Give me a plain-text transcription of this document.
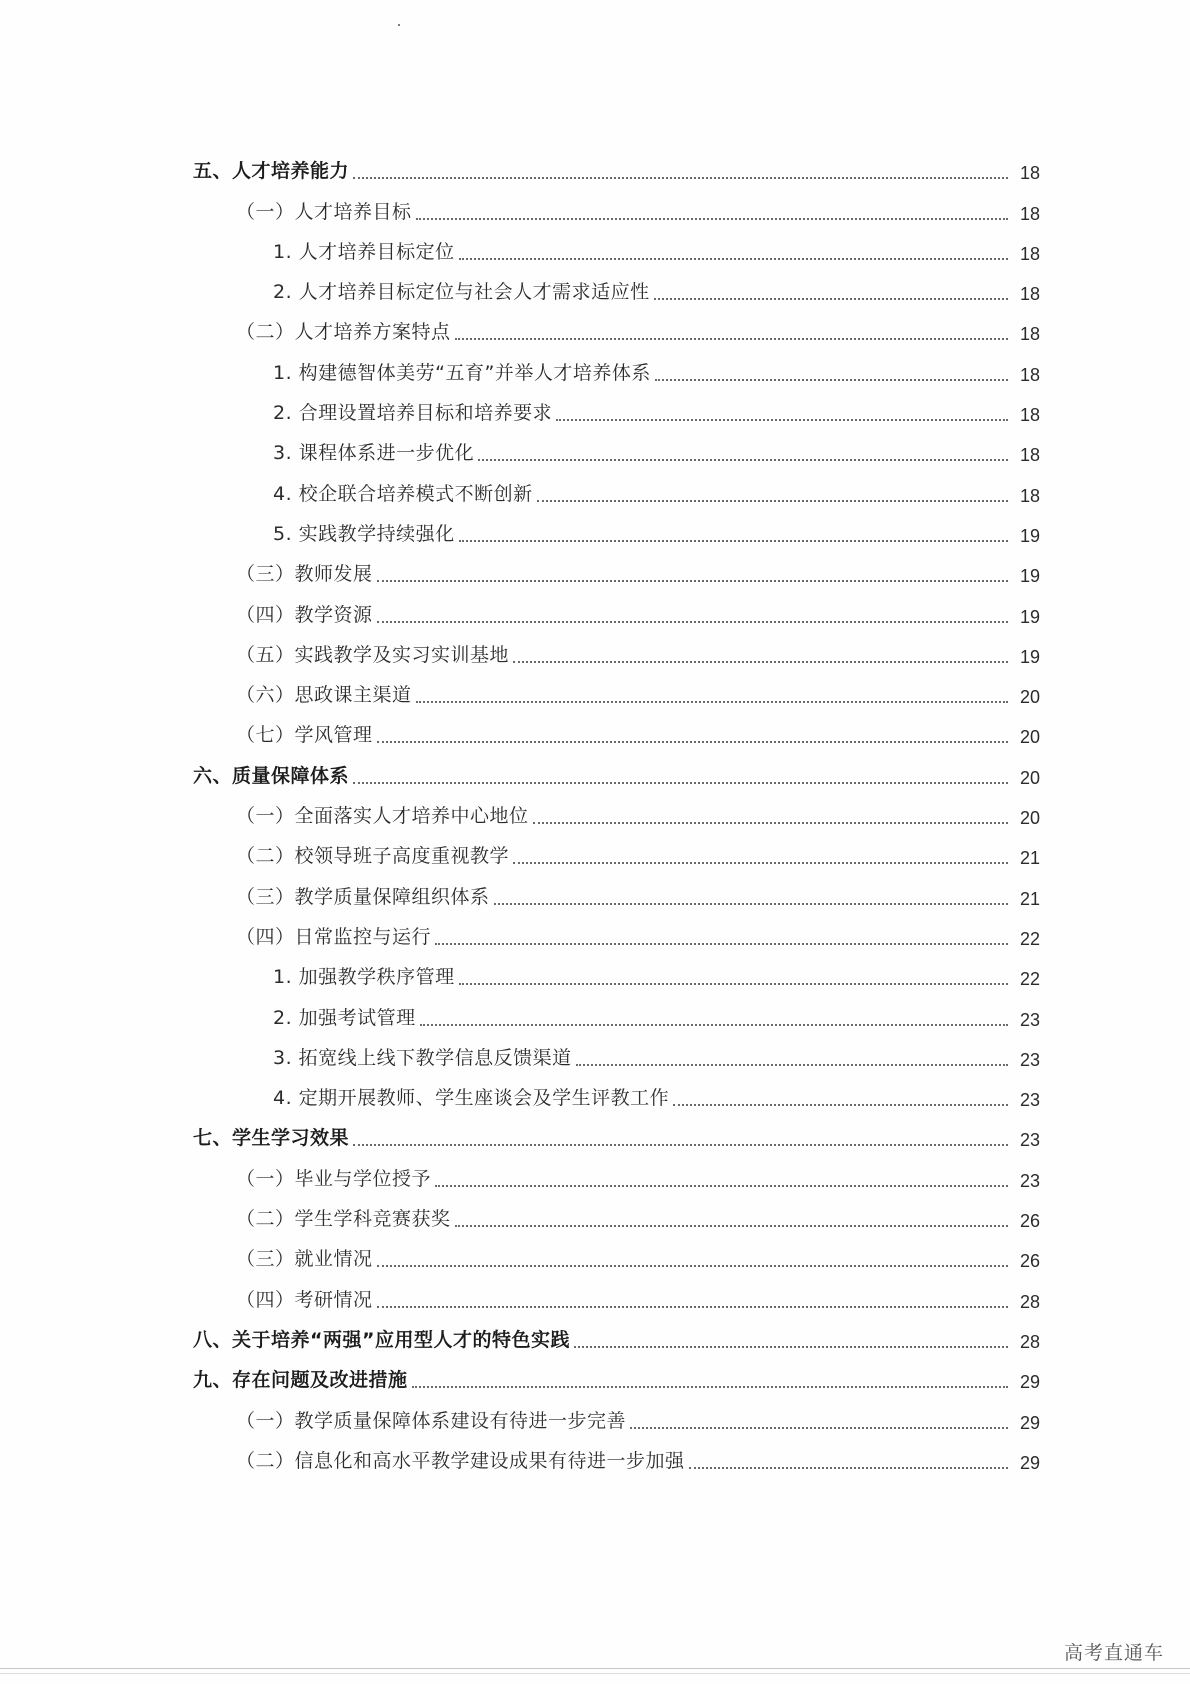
五、人才培养能力	18
（一）人才培养目标	18
1. 人才培养目标定位	18
2. 人才培养目标定位与社会人才需求适应性	18
（二）人才培养方案特点	18
1. 构建德智体美劳“五育”并举人才培养体系	18
2. 合理设置培养目标和培养要求	18
3. 课程体系进一步优化	18
4. 校企联合培养模式不断创新	18
5. 实践教学持续强化	19
（三）教师发展	19
（四）教学资源	19
（五）实践教学及实习实训基地	19
（六）思政课主渠道	20
（七）学风管理	20
六、质量保障体系	20
（一）全面落实人才培养中心地位	20
（二）校领导班子高度重视教学	21
（三）教学质量保障组织体系	21
（四）日常监控与运行	22
1. 加强教学秩序管理	22
2. 加强考试管理	23
3. 拓宽线上线下教学信息反馈渠道	23
4. 定期开展教师、学生座谈会及学生评教工作	23
七、学生学习效果	23
（一）毕业与学位授予	23
（二）学生学科竞赛获奖	26
（三）就业情况	26
（四）考研情况	28
八、关于培养“两强”应用型人才的特色实践	28
九、存在问题及改进措施	29
（一）教学质量保障体系建设有待进一步完善	29
（二）信息化和高水平教学建设成果有待进一步加强	29
高考直通车
